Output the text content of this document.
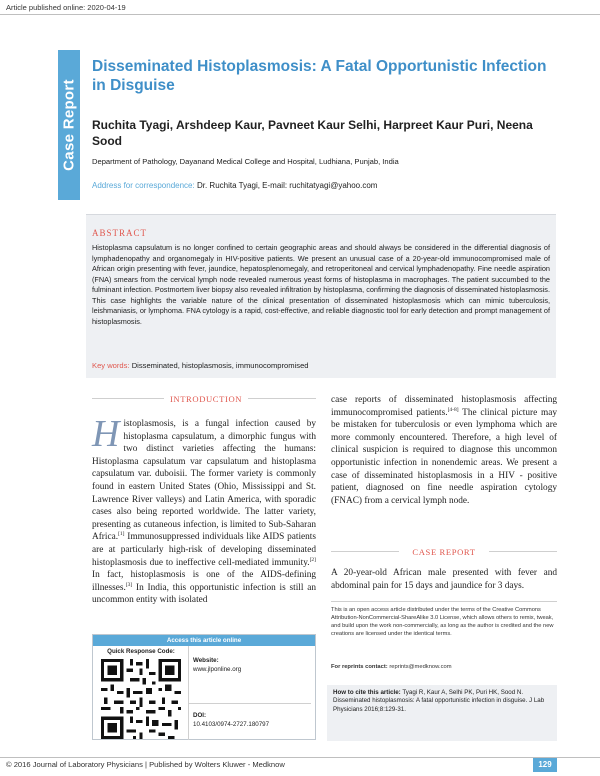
Article published online: 2020-04-19
Case Report
Disseminated Histoplasmosis: A Fatal Opportunistic Infection in Disguise
Ruchita Tyagi, Arshdeep Kaur, Pavneet Kaur Selhi, Harpreet Kaur Puri, Neena Sood
Department of Pathology, Dayanand Medical College and Hospital, Ludhiana, Punjab, India
Address for correspondence: Dr. Ruchita Tyagi, E-mail: ruchitatyagi@yahoo.com
ABSTRACT

Histoplasma capsulatum is no longer confined to certain geographic areas and should always be considered in the differential diagnosis of lymphadenopathy and organomegaly in HIV-positive patients. We present an unusual case of a 20-year-old immunocompromised male of African origin presenting with fever, jaundice, hepatosplenomegaly, and retroperitoneal and cervical lymphadenopathy. Fine needle aspiration (FNA) smears from the cervical lymph node revealed numerous yeast forms of histoplasma in macrophages. The patient succumbed to the fulminant infection. Postmortem liver biopsy also revealed infiltration by histoplasma, confirming the diagnosis of disseminated histoplasmosis. This case highlights the variable nature of the clinical presentation of disseminated histoplasmosis which can mimic tuberculosis, leishmaniasis, or lymphoma. FNA cytology is a rapid, cost-effective, and reliable diagnostic tool for early detection and prompt management of histoplasmosis.

Key words: Disseminated, histoplasmosis, immunocompromised
INTRODUCTION
Histoplasmosis, is a fungal infection caused by histoplasma capsulatum, a dimorphic fungus with two distinct varieties affecting the humans: Histoplasma capsulatum var capsulatum and histoplasma capsulatum var. duboisii. The former variety is commonly found in eastern United States (Ohio, Mississippi and St. Lawrence River valleys) and Latin America, with sporadic cases also being reported worldwide. The latter variety, presenting as cutaneous infection, is limited to Sub-Saharan Africa.[1] Immunosuppressed individuals like AIDS patients are at particularly high-risk of developing disseminated histoplasmosis due to ineffective cell-mediated immunity.[2] In fact, histoplasmosis is one of the AIDS-defining illnesses.[3] In India, this opportunistic infection is still an uncommon entity with isolated
case reports of disseminated histoplasmosis affecting immunocompromised patients.[4-8] The clinical picture may be mistaken for tuberculosis or even lymphoma which are more commonly encountered. Therefore, a high level of clinical suspicion is required to diagnose this uncommon opportunistic infection in nonendemic areas. We present a case of disseminated histoplasmosis in a HIV - positive patient, diagnosed on fine needle aspiration cytology (FNAC) from a cervical lymph node.
CASE REPORT
A 20-year-old African male presented with fever and abdominal pain for 15 days and jaundice for 3 days.
Access this article online
Quick Response Code:
Website:
www.jlponline.org
DOI:
10.4103/0974-2727.180797

This is an open access article distributed under the terms of the Creative Commons Attribution-NonCommercial-ShareAlike 3.0 License, which allows others to remix, tweak, and build upon the work non-commercially, as long as the author is credited and the new creations are licensed under the identical terms.

For reprints contact: reprints@medknow.com
How to cite this article: Tyagi R, Kaur A, Selhi PK, Puri HK, Sood N. Disseminated histoplasmosis: A fatal opportunistic infection in disguise. J Lab Physicians 2016;8:129-31.
© 2016 Journal of Laboratory Physicians | Published by Wolters Kluwer - Medknow	129
